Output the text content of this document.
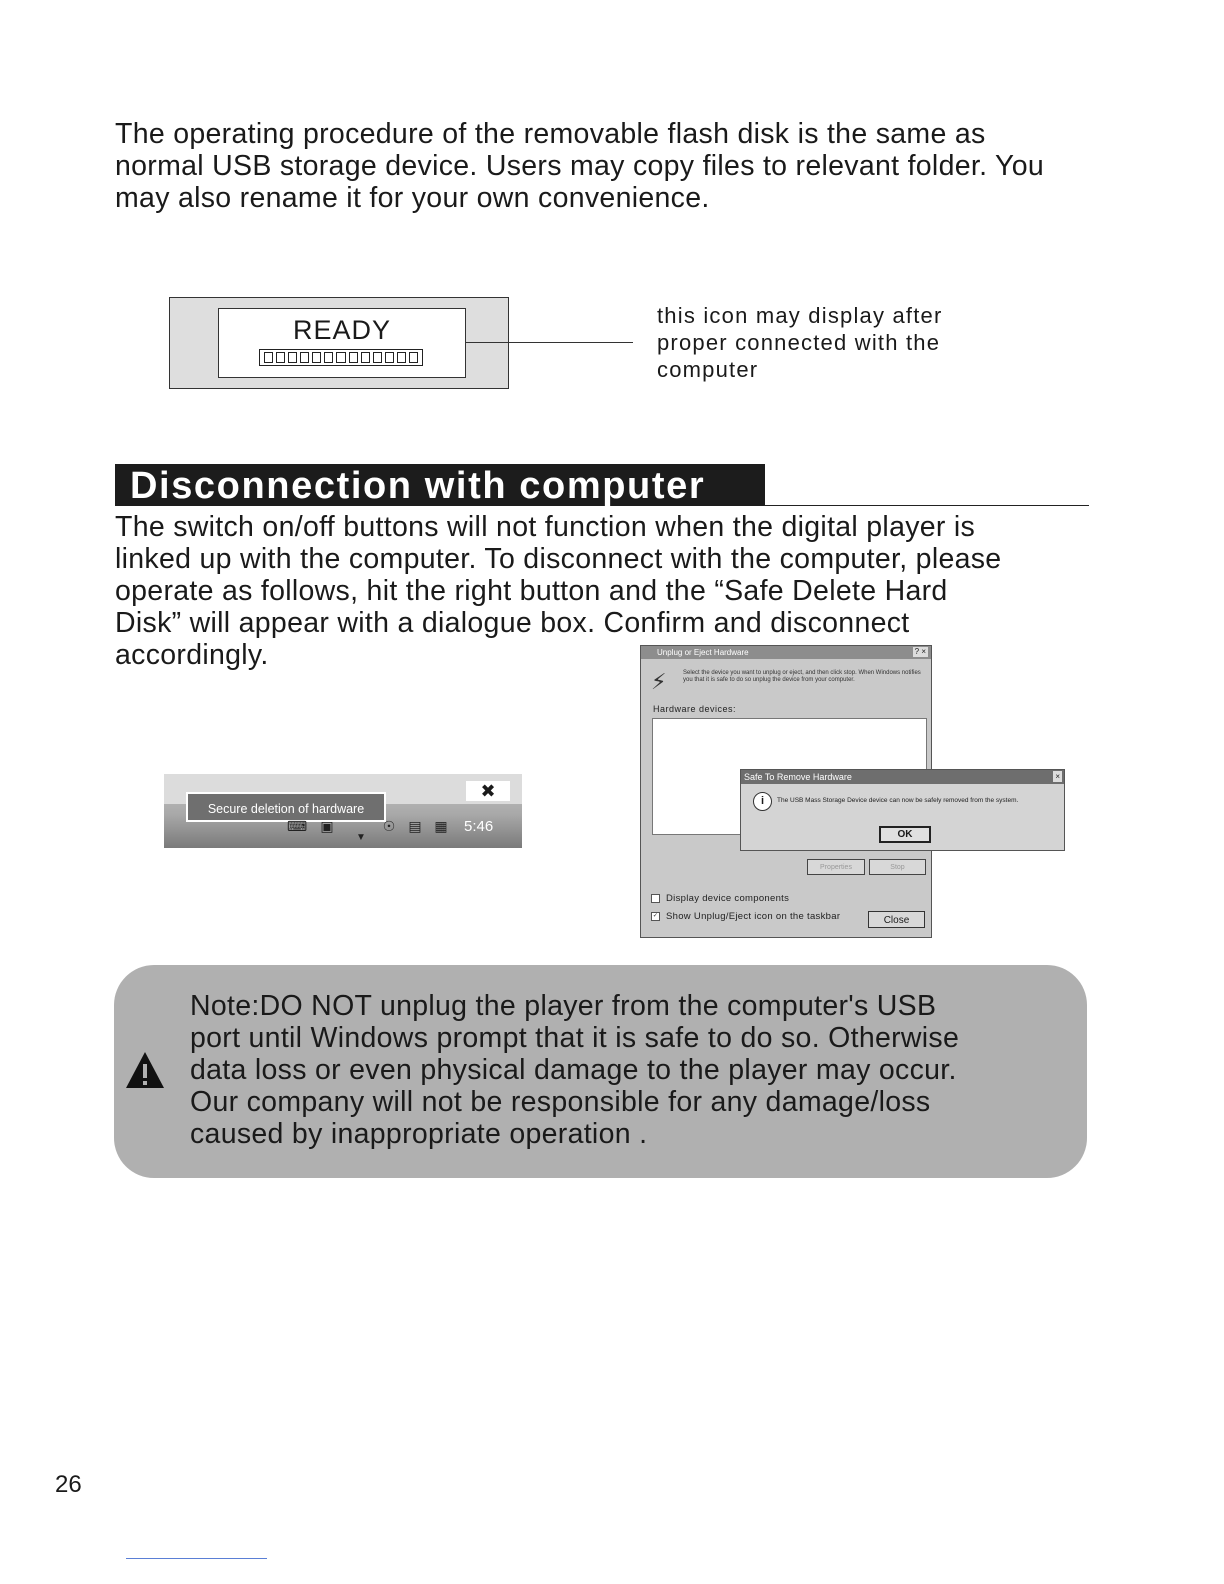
The operating procedure of the removable flash disk is the same as
normal USB storage device. Users may copy files to relevant folder. You
may also rename it for your own convenience.

READY	this icon may display after
proper connected with the
computer
Disconnection with computer

The switch on/off buttons will not function when the digital player is
linked up with the computer. To disconnect with the computer, please
operate as follows, hit the right button and the “Safe Delete Hard
Disk” will appear with a dialogue box. Confirm and disconnect
accordingly.

✖
Secure deletion of hardware
⌨ ▣
▼
☉ ▤ ▦ 5:46
Unplug or Eject Hardware	? ×
⚡	Select the device you want to unplug or eject, and then click stop. When Windows notifies you that it is safe to do so unplug the device from your computer.
Hardware devices:
Properties	Stop
Display device components
✓ Show Unplug/Eject icon on the taskbar	Close
Safe To Remove Hardware	×
i	The USB Mass Storage Device device can now be safely removed from the system.
OK
Note:DO NOT unplug the player from the computer's USB
port until Windows prompt that it is safe to do so. Otherwise
data loss or even physical damage to the player may occur.
Our company will not be responsible for any damage/loss
caused by inappropriate operation .
26
